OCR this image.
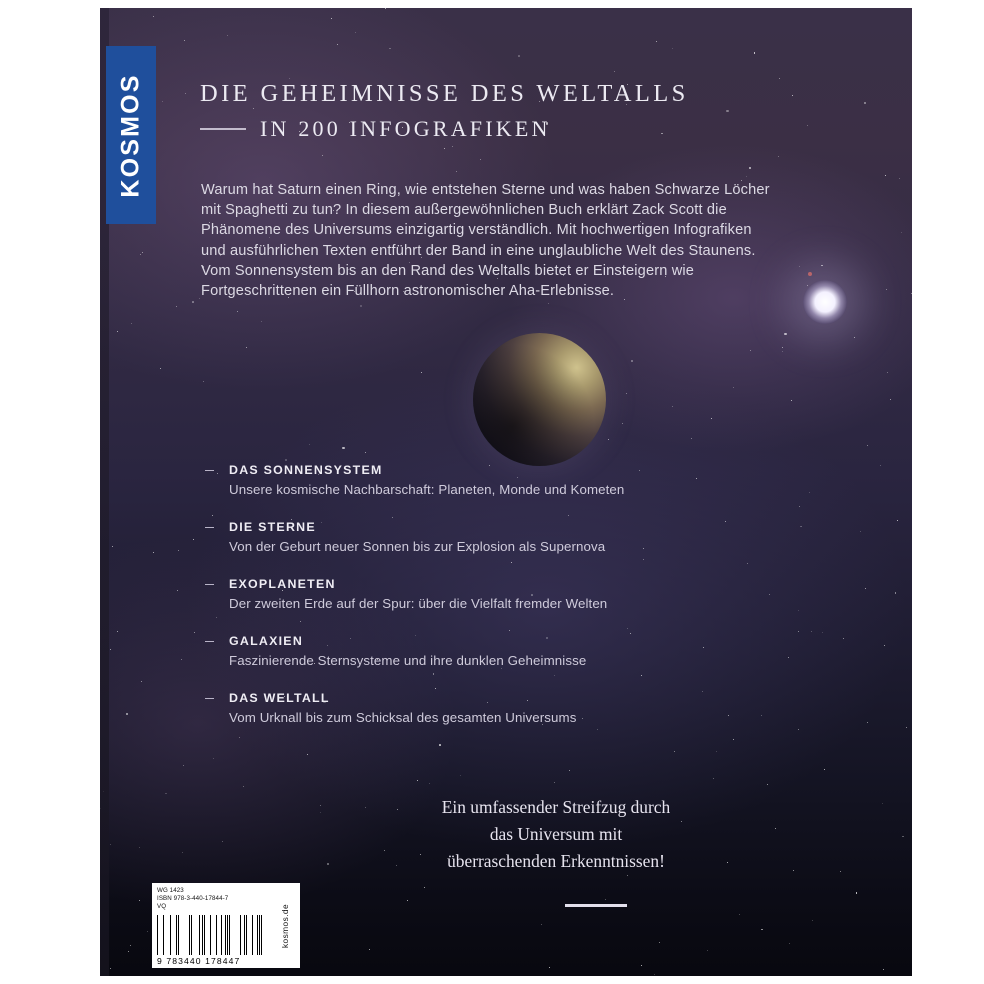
KOSMOS DIE GEHEIMNISSE DES WELTALLS
IN 200 INFOGRAFIKEN
Warum hat Saturn einen Ring, wie entstehen Sterne und was haben Schwarze Löcher mit Spaghetti zu tun? In diesem außergewöhnlichen Buch erklärt Zack Scott die Phänomene des Universums einzigartig verständlich. Mit hochwertigen Infografiken und ausführlichen Texten entführt der Band in eine unglaubliche Welt des Staunens. Vom Sonnensystem bis an den Rand des Weltalls bietet er Einsteigern wie Fortgeschrittenen ein Füllhorn astronomischer Aha-Erlebnisse.
DAS SONNENSYSTEM
Unsere kosmische Nachbarschaft: Planeten, Monde und Kometen
DIE STERNE
Von der Geburt neuer Sonnen bis zur Explosion als Supernova
EXOPLANETEN
Der zweiten Erde auf der Spur: über die Vielfalt fremder Welten
GALAXIEN
Faszinierende Sternsysteme und ihre dunklen Geheimnisse
DAS WELTALL
Vom Urknall bis zum Schicksal des gesamten Universums
Ein umfassender Streifzug durch
das Universum mit
überraschenden Erkenntnissen!
WG 1423
ISBN 978-3-440-17844-7
VQ
9 783440 178447
kosmos.de
